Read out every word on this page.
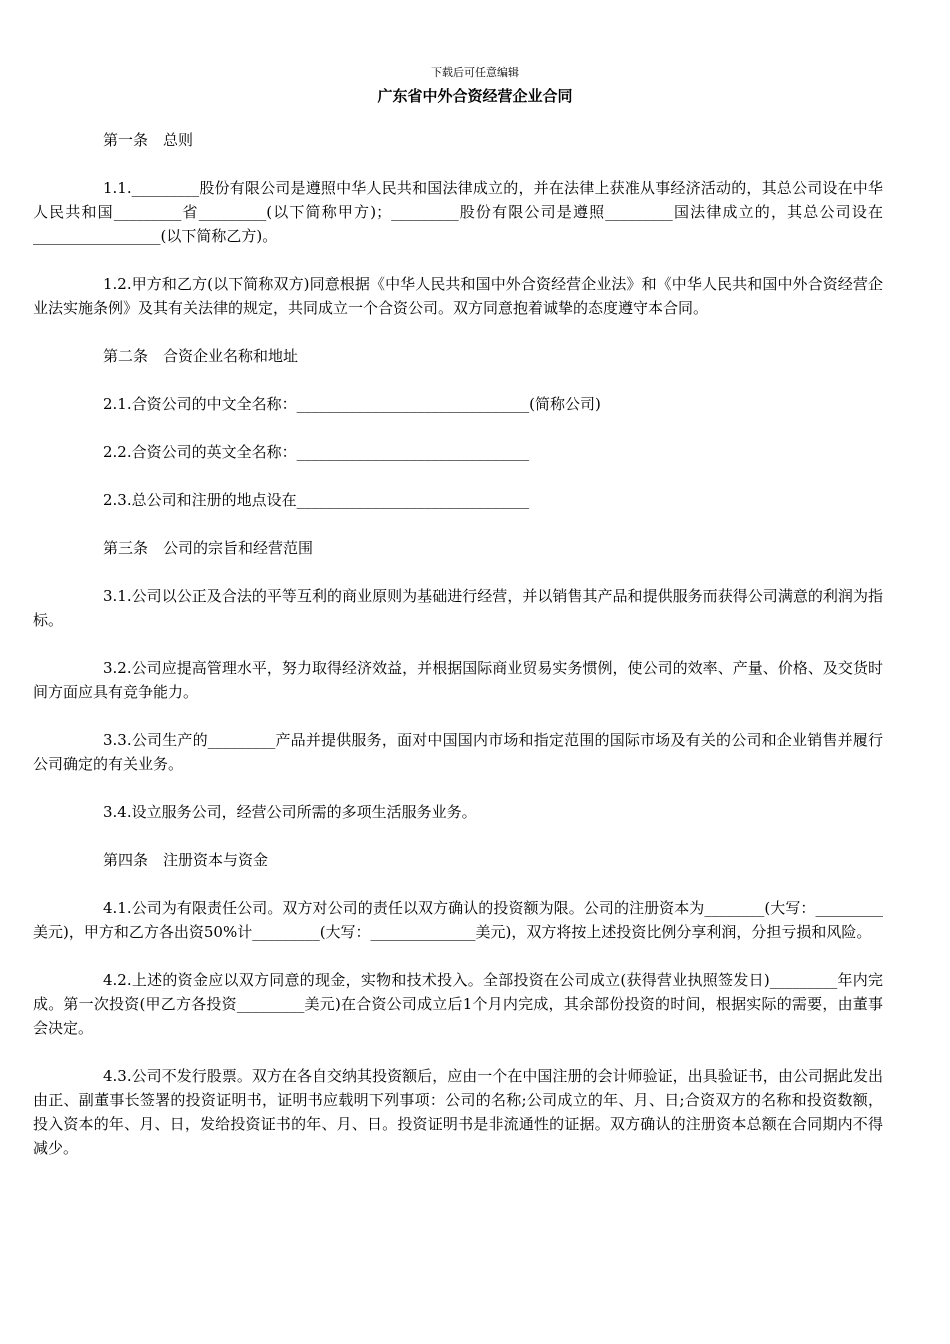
下载后可任意编辑
广东省中外合资经营企业合同

第一条　总则

1.1._________股份有限公司是遵照中华人民共和国法律成立的，并在法律上获准从事经济活动的，其总公司设在中华人民共和国_________省_________(以下简称甲方)；_________股份有限公司是遵照_________国法律成立的，其总公司设在_________________(以下简称乙方)。

1.2.甲方和乙方(以下简称双方)同意根据《中华人民共和国中外合资经营企业法》和《中华人民共和国中外合资经营企业法实施条例》及其有关法律的规定，共同成立一个合资公司。双方同意抱着诚挚的态度遵守本合同。

第二条　合资企业名称和地址

2.1.合资公司的中文全名称：_______________________________(简称公司)

2.2.合资公司的英文全名称：_______________________________

2.3.总公司和注册的地点设在_______________________________

第三条　公司的宗旨和经营范围

3.1.公司以公正及合法的平等互利的商业原则为基础进行经营，并以销售其产品和提供服务而获得公司满意的利润为指标。

3.2.公司应提高管理水平，努力取得经济效益，并根据国际商业贸易实务惯例，使公司的效率、产量、价格、及交货时间方面应具有竞争能力。

3.3.公司生产的_________产品并提供服务，面对中国国内市场和指定范围的国际市场及有关的公司和企业销售并履行公司确定的有关业务。

3.4.设立服务公司，经营公司所需的多项生活服务业务。

第四条　注册资本与资金

4.1.公司为有限责任公司。双方对公司的责任以双方确认的投资额为限。公司的注册资本为________(大写：_________美元)，甲方和乙方各出资50%计_________(大写：______________美元)，双方将按上述投资比例分享利润，分担亏损和风险。

4.2.上述的资金应以双方同意的现金，实物和技术投入。全部投资在公司成立(获得营业执照签发日)_________年内完成。第一次投资(甲乙方各投资_________美元)在合资公司成立后1个月内完成，其余部份投资的时间，根据实际的需要，由董事会决定。

4.3.公司不发行股票。双方在各自交纳其投资额后，应由一个在中国注册的会计师验证，出具验证书，由公司据此发出由正、副董事长签署的投资证明书，证明书应载明下列事项：公司的名称;公司成立的年、月、日;合资双方的名称和投资数额，投入资本的年、月、日，发给投资证书的年、月、日。投资证明书是非流通性的证据。双方确认的注册资本总额在合同期内不得减少。
